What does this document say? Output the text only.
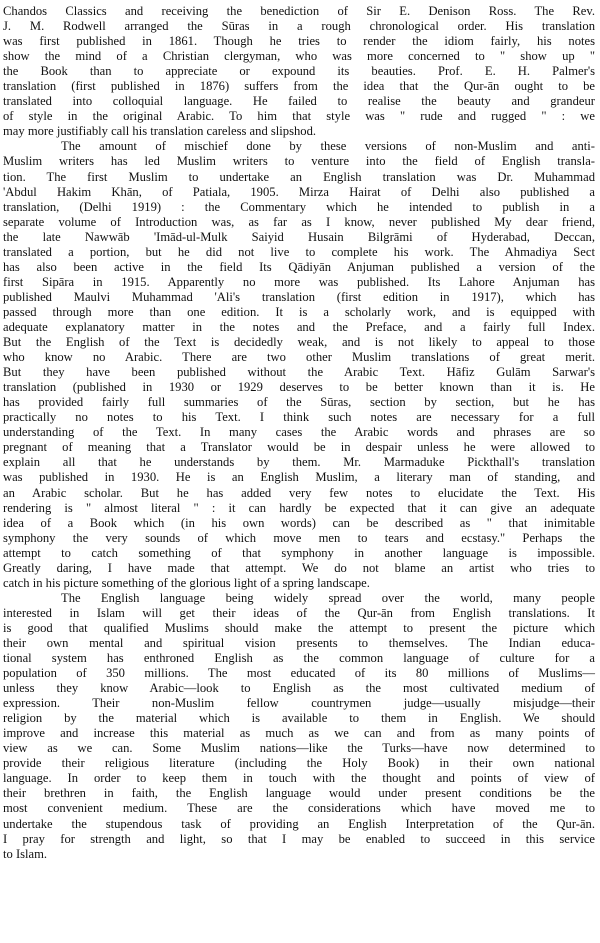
Chandos Classics and receiving the benediction of Sir E. Denison Ross. The Rev.
J. M. Rodwell arranged the Sūras in a rough chronological order. His translation
was first published in 1861. Though he tries to render the idiom fairly, his notes
show the mind of a Christian clergyman, who was more concerned to " show up "
the Book than to appreciate or expound its beauties. Prof. E. H. Palmer's
translation (first published in 1876) suffers from the idea that the Qur-ān ought to be
translated into colloquial language. He failed to realise the beauty and grandeur
of style in the original Arabic. To him that style was " rude and rugged " : we
may more justifiably call his translation careless and slipshod.
The amount of mischief done by these versions of non-Muslim and anti-
Muslim writers has led Muslim writers to venture into the field of English transla-
tion. The first Muslim to undertake an English translation was Dr. Muhammad
'Abdul Hakim Khān, of Patiala, 1905. Mirza Hairat of Delhi also published a
translation, (Delhi 1919) : the Commentary which he intended to publish in a
separate volume of Introduction was, as far as I know, never published My dear friend,
the late Nawwāb 'Imād-ul-Mulk Saiyid Husain Bilgrāmi of Hyderabad, Deccan,
translated a portion, but he did not live to complete his work. The Ahmadiya Sect
has also been active in the field Its Qādiyān Anjuman published a version of the
first Sipāra in 1915. Apparently no more was published. Its Lahore Anjuman has
published Maulvi Muhammad 'Ali's translation (first edition in 1917), which has
passed through more than one edition. It is a scholarly work, and is equipped with
adequate explanatory matter in the notes and the Preface, and a fairly full Index.
But the English of the Text is decidedly weak, and is not likely to appeal to those
who know no Arabic. There are two other Muslim translations of great merit.
But they have been published without the Arabic Text. Hāfiz Gulām Sarwar's
translation (published in 1930 or 1929 deserves to be better known than it is. He
has provided fairly full summaries of the Sūras, section by section, but he has
practically no notes to his Text. I think such notes are necessary for a full
understanding of the Text. In many cases the Arabic words and phrases are so
pregnant of meaning that a Translator would be in despair unless he were allowed to
explain all that he understands by them. Mr. Marmaduke Pickthall's translation
was published in 1930. He is an English Muslim, a literary man of standing, and
an Arabic scholar. But he has added very few notes to elucidate the Text. His
rendering is " almost literal " : it can hardly be expected that it can give an adequate
idea of a Book which (in his own words) can be described as " that inimitable
symphony the very sounds of which move men to tears and ecstasy." Perhaps the
attempt to catch something of that symphony in another language is impossible.
Greatly daring, I have made that attempt. We do not blame an artist who tries to
catch in his picture something of the glorious light of a spring landscape.
The English language being widely spread over the world, many people
interested in Islam will get their ideas of the Qur-ān from English translations. It
is good that qualified Muslims should make the attempt to present the picture which
their own mental and spiritual vision presents to themselves. The Indian educa-
tional system has enthroned English as the common language of culture for a
population of 350 millions. The most educated of its 80 millions of Muslims—
unless they know Arabic—look to English as the most cultivated medium of
expression. Their non-Muslim fellow countrymen judge—usually misjudge—their
religion by the material which is available to them in English. We should
improve and increase this material as much as we can and from as many points of
view as we can. Some Muslim nations—like the Turks—have now determined to
provide their religious literature (including the Holy Book) in their own national
language. In order to keep them in touch with the thought and points of view of
their brethren in faith, the English language would under present conditions be the
most convenient medium. These are the considerations which have moved me to
undertake the stupendous task of providing an English Interpretation of the Qur-ān.
I pray for strength and light, so that I may be enabled to succeed in this service
to Islam.
